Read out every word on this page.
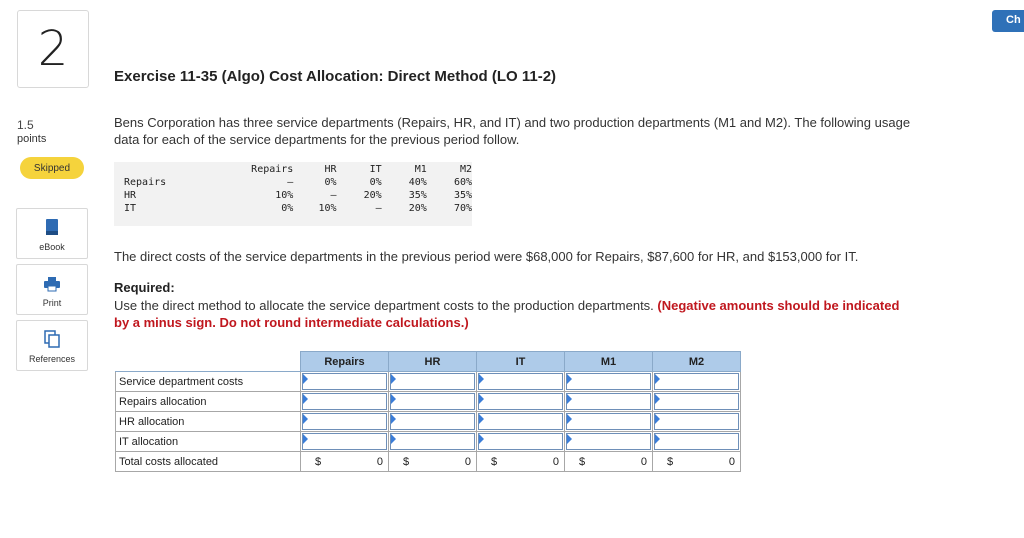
2
1.5
points
Skipped
eBook
Print
References
Ch
Exercise 11-35 (Algo) Cost Allocation: Direct Method (LO 11-2)
Bens Corporation has three service departments (Repairs, HR, and IT) and two production departments (M1 and M2). The following usage data for each of the service departments for the previous period follow.
	Repairs	HR	IT	M1	M2
Repairs	–	0%	0%	40%	60%
HR	10%	–	20%	35%	35%
IT	0%	10%	–	20%	70%
The direct costs of the service departments in the previous period were $68,000 for Repairs, $87,600 for HR, and $153,000 for IT.
Required:
Use the direct method to allocate the service department costs to the production departments. (Negative amounts should be indicated by a minus sign. Do not round intermediate calculations.)
	Repairs	HR	IT	M1	M2
Service department costs	

Repairs allocation	

HR allocation	

IT allocation	

Total costs allocated	$ 0	$ 0	$ 0	$ 0	$ 0
